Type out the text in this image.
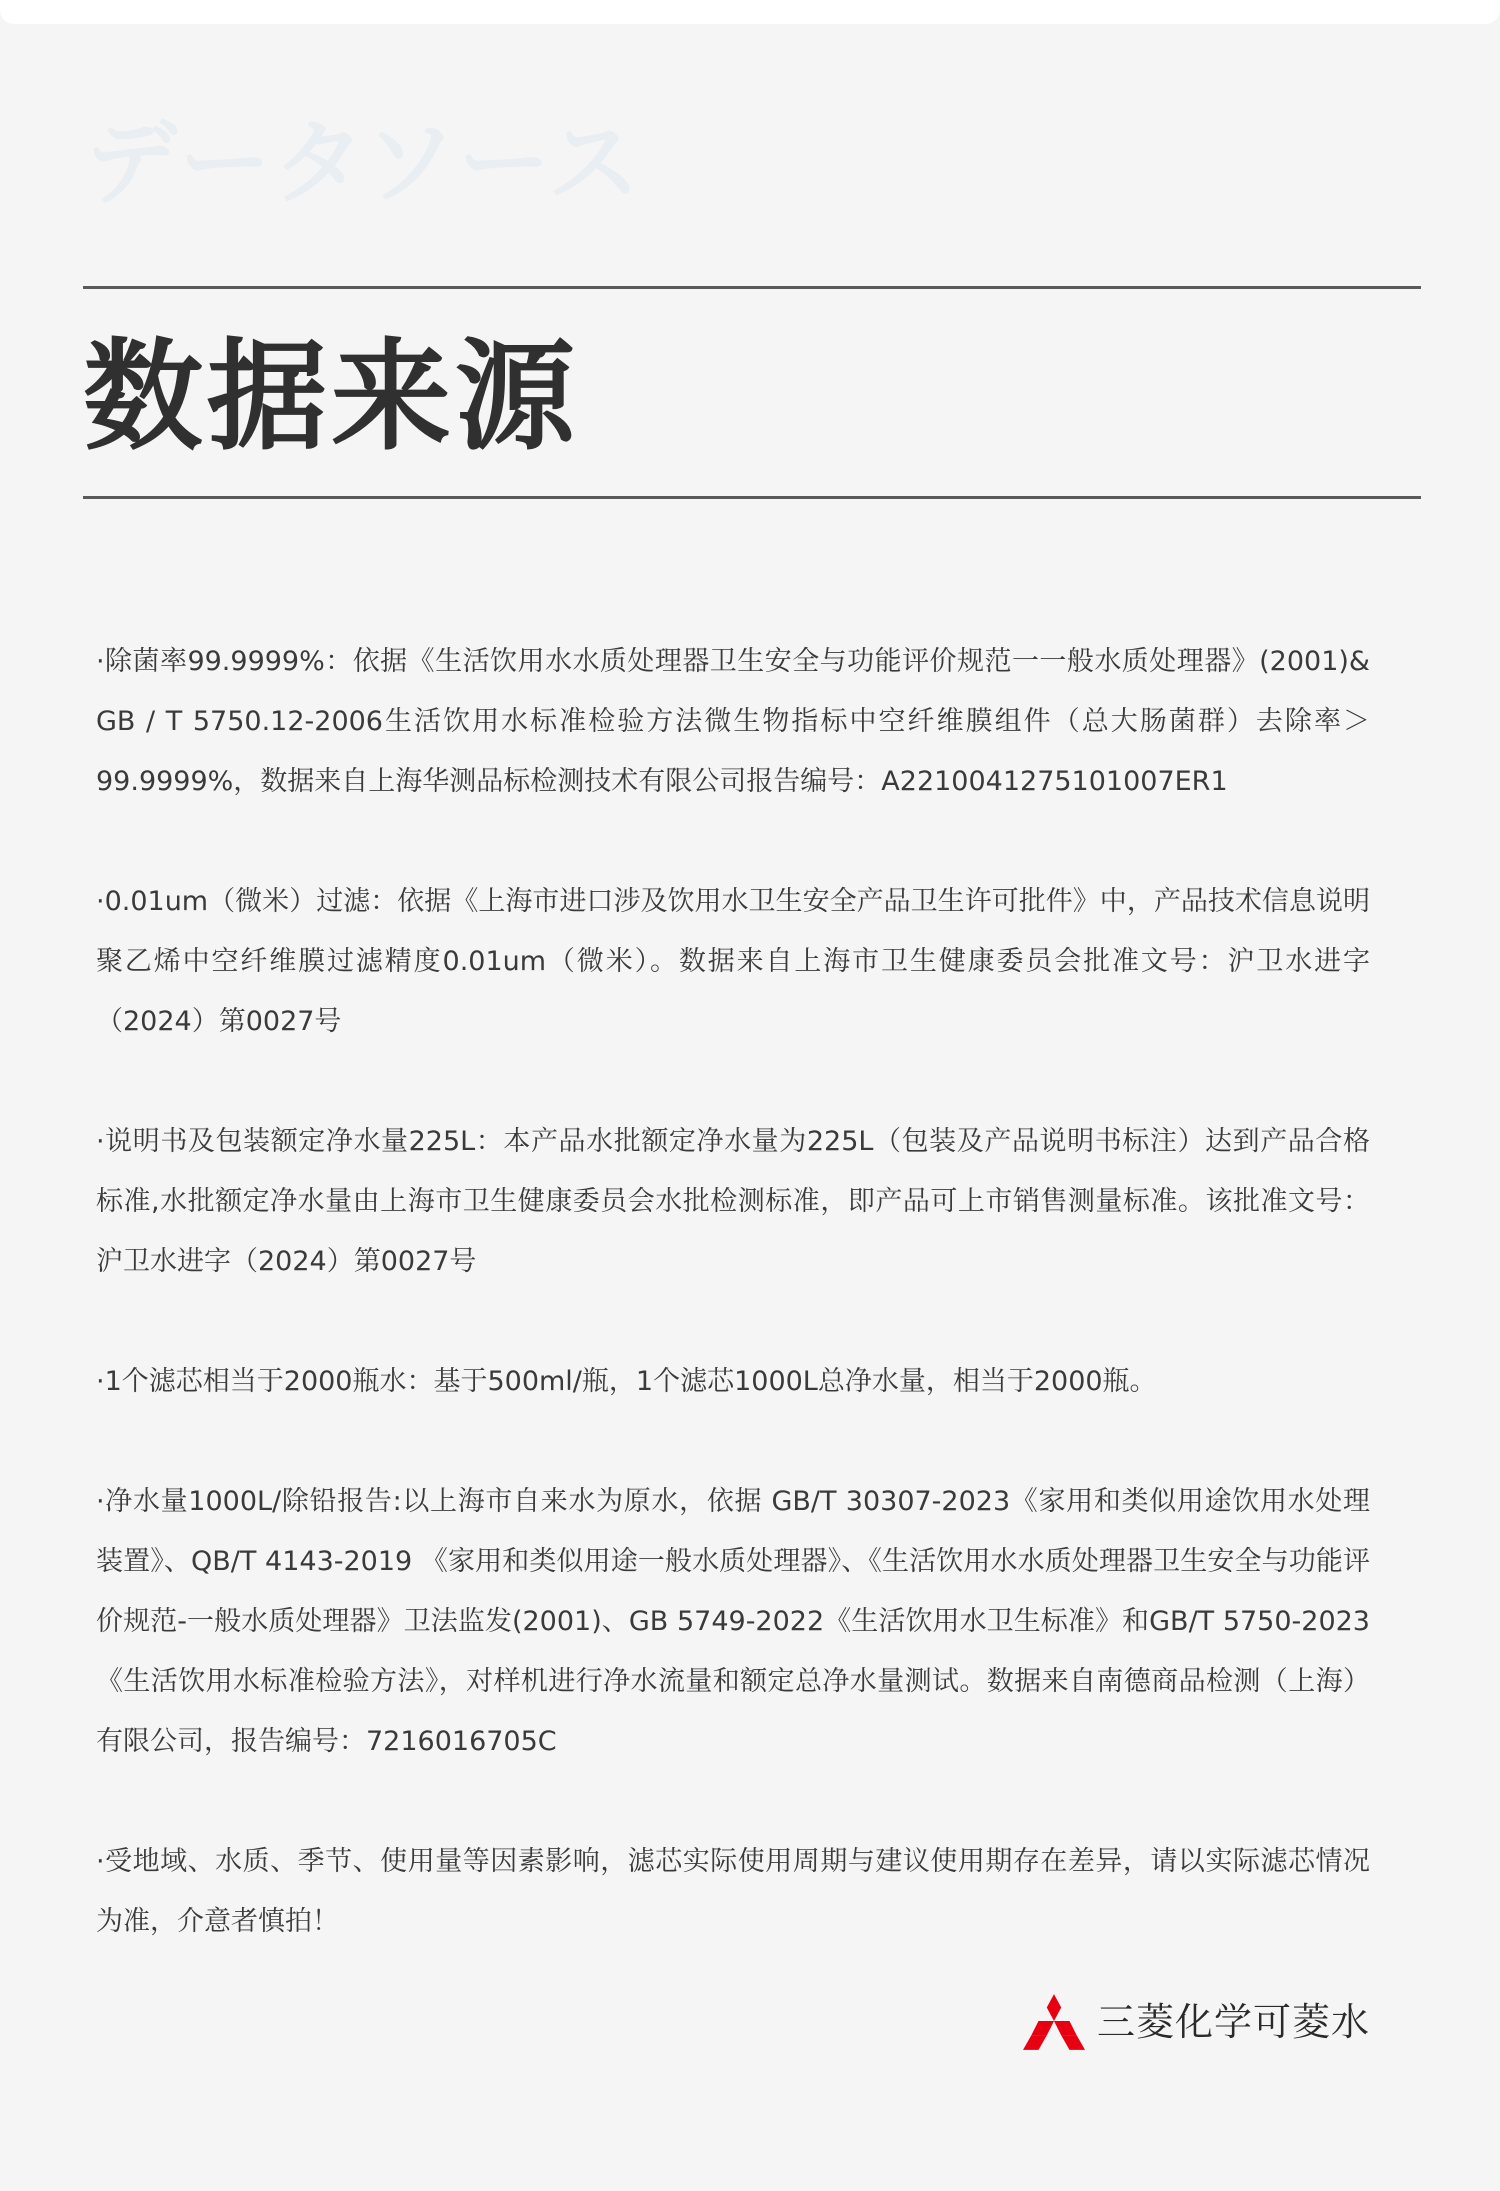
データソース
数据来源

·除菌率99.9999%：依据《生活饮用水水质处理器卫生安全与功能评价规范一一般水质处理器》(2001)& GB / T 5750.12-2006生活饮用水标准检验方法微生物指标中空纤维膜组件（总大肠菌群）去除率＞99.9999%，数据来自上海华测品标检测技术有限公司报告编号：A2210041275101007ER1

·0.01um（微米）过滤：依据《上海市进口涉及饮用水卫生安全产品卫生许可批件》中，产品技术信息说明聚乙烯中空纤维膜过滤精度0.01um（微米）。数据来自上海市卫生健康委员会批准文号：沪卫水进字（2024）第0027号

·说明书及包装额定净水量225L：本产品水批额定净水量为225L（包装及产品说明书标注）达到产品合格标准,水批额定净水量由上海市卫生健康委员会水批检测标准，即产品可上市销售测量标准。该批准文号：沪卫水进字（2024）第0027号

·1个滤芯相当于2000瓶水：基于500ml/瓶，1个滤芯1000L总净水量，相当于2000瓶。

·净水量1000L/除铅报告:以上海市自来水为原水，依据 GB/T 30307-2023《家用和类似用途饮用水处理装置》、QB/T 4143-2019 《家用和类似用途一般水质处理器》、《生活饮用水水质处理器卫生安全与功能评价规范-一般水质处理器》卫法监发(2001)、GB 5749-2022《生活饮用水卫生标准》和GB/T 5750-2023《生活饮用水标准检验方法》，对样机进行净水流量和额定总净水量测试。数据来自南德商品检测（上海）有限公司，报告编号：7216016705C

·受地域、水质、季节、使用量等因素影响，滤芯实际使用周期与建议使用期存在差异，请以实际滤芯情况为准，介意者慎拍！

三菱化学可菱水
